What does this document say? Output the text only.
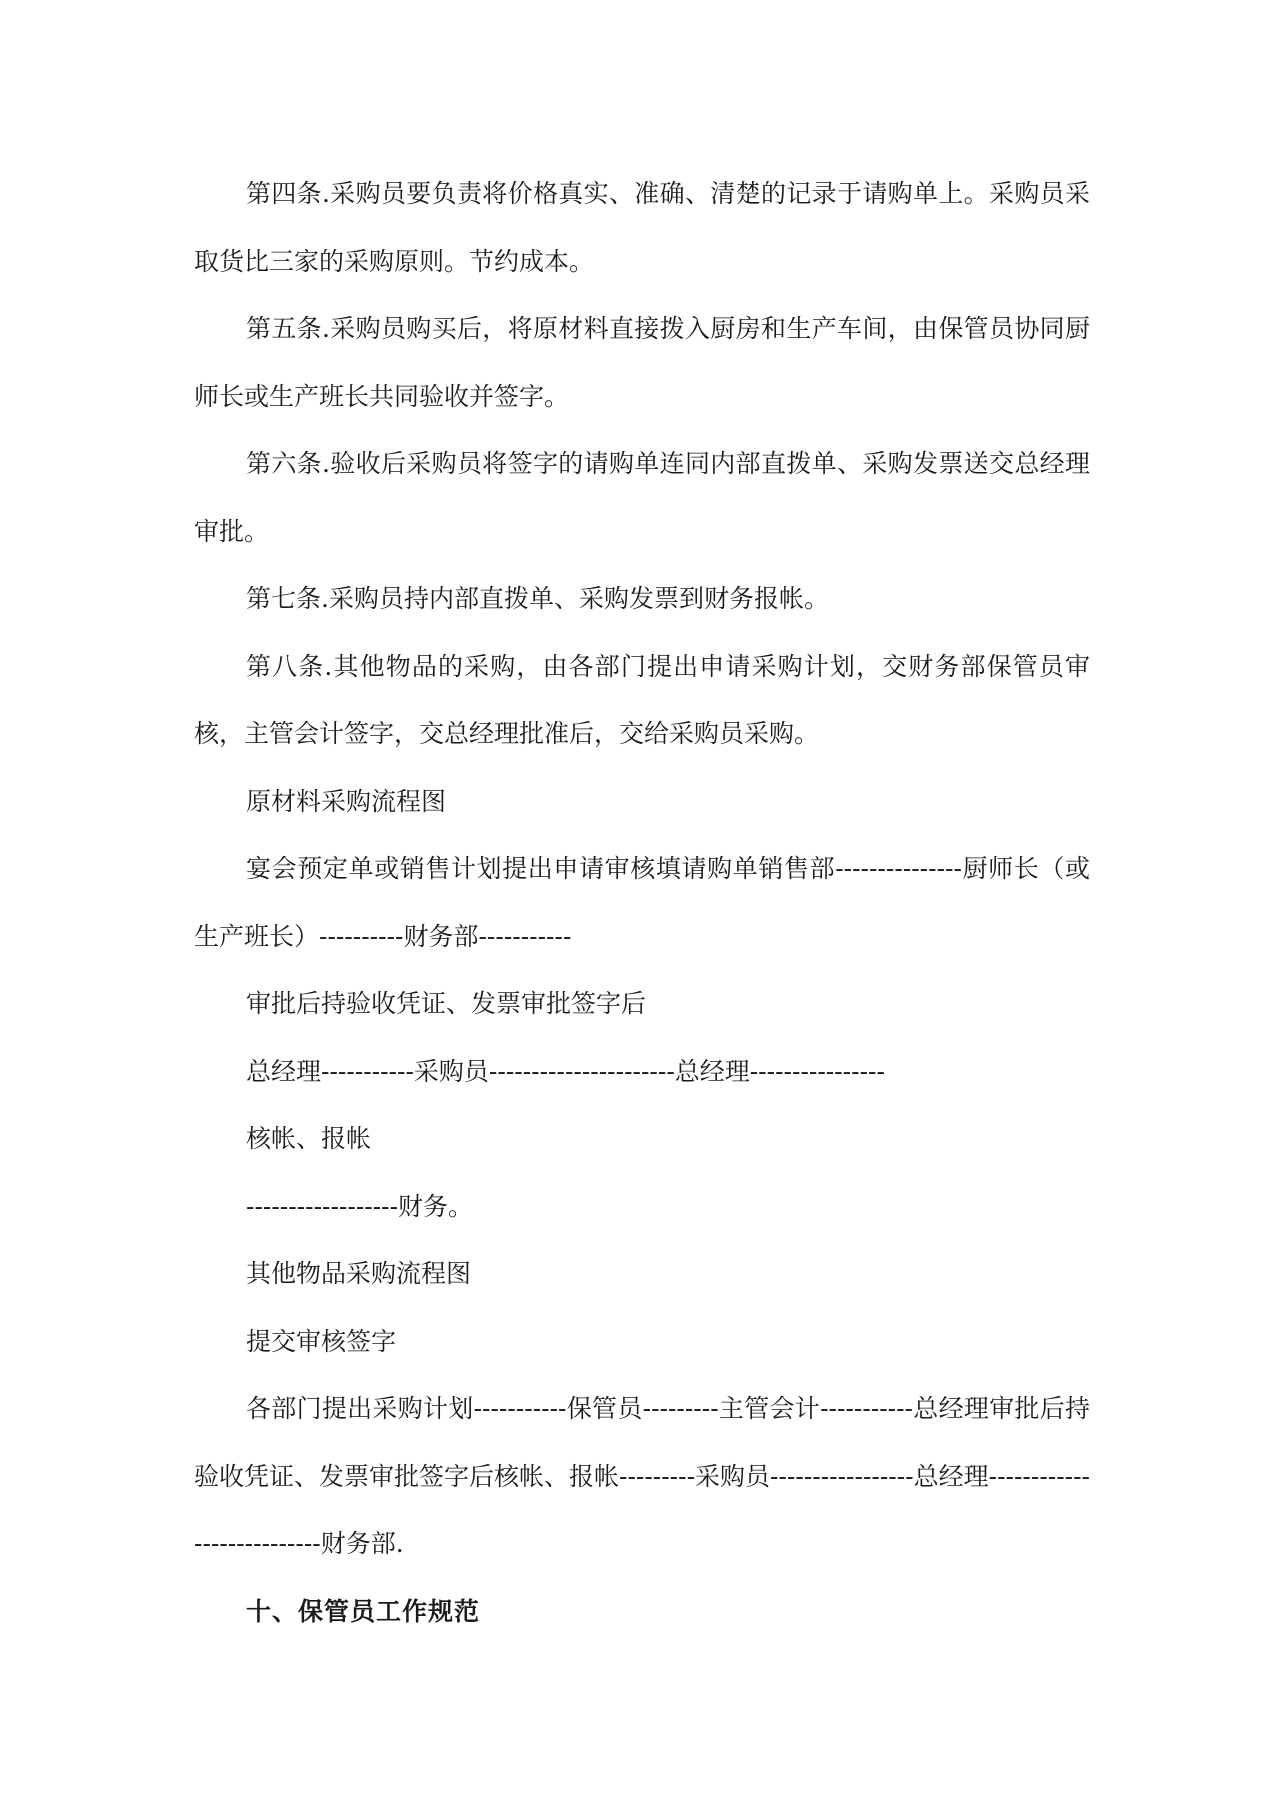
第四条.采购员要负责将价格真实、准确、清楚的记录于请购单上。采购员采取货比三家的采购原则。节约成本。

第五条.采购员购买后，将原材料直接拨入厨房和生产车间，由保管员协同厨师长或生产班长共同验收并签字。

第六条.验收后采购员将签字的请购单连同内部直拨单、采购发票送交总经理审批。

第七条.采购员持内部直拨单、采购发票到财务报帐。

第八条.其他物品的采购，由各部门提出申请采购计划，交财务部保管员审核，主管会计签字，交总经理批准后，交给采购员采购。

原材料采购流程图

宴会预定单或销售计划提出申请审核填请购单销售部---------------厨师长（或生产班长）----------财务部-----------

审批后持验收凭证、发票审批签字后

总经理-----------采购员----------------------总经理----------------

核帐、报帐

------------------财务。

其他物品采购流程图

提交审核签字

各部门提出采购计划-----------保管员---------主管会计-----------总经理审批后持验收凭证、发票审批签字后核帐、报帐---------采购员-----------------总经理---------------------------财务部.

十、保管员工作规范
